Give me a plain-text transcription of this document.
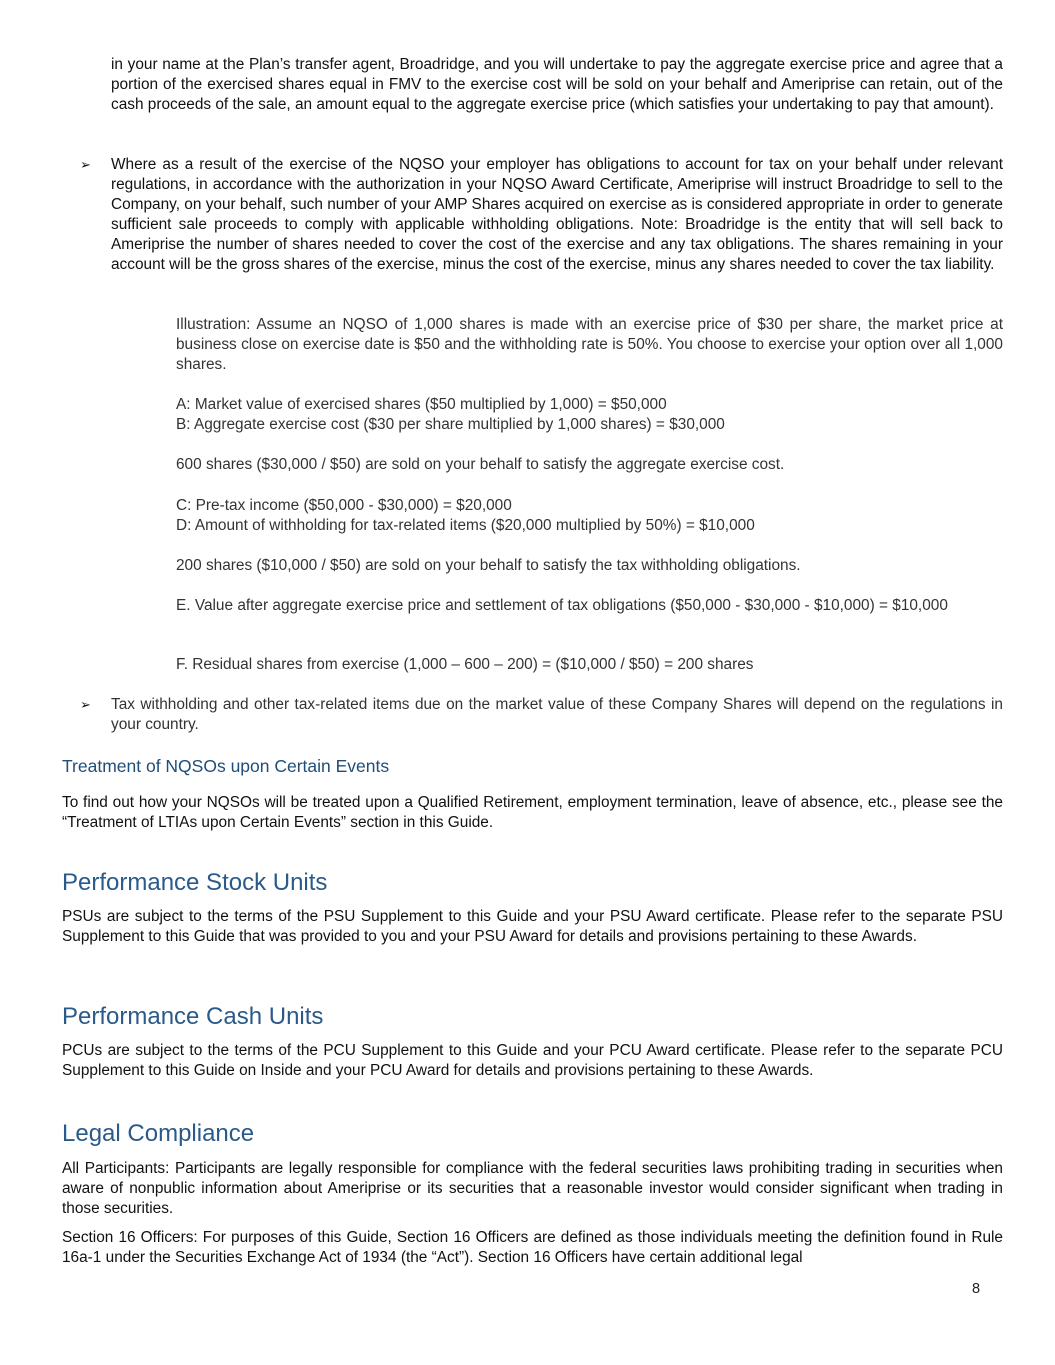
in your name at the Plan’s transfer agent, Broadridge, and you will undertake to pay the aggregate exercise price and agree that a portion of the exercised shares equal in FMV to the exercise cost will be sold on your behalf and Ameriprise can retain, out of the cash proceeds of the sale, an amount equal to the aggregate exercise price (which satisfies your undertaking to pay that amount).

➢	Where as a result of the exercise of the NQSO your employer has obligations to account for tax on your behalf under relevant regulations, in accordance with the authorization in your NQSO Award Certificate, Ameriprise will instruct Broadridge to sell to the Company, on your behalf, such number of your AMP Shares acquired on exercise as is considered appropriate in order to generate sufficient sale proceeds to comply with applicable withholding obligations. Note: Broadridge is the entity that will sell back to Ameriprise the number of shares needed to cover the cost of the exercise and any tax obligations. The shares remaining in your account will be the gross shares of the exercise, minus the cost of the exercise, minus any shares needed to cover the tax liability.

Illustration: Assume an NQSO of 1,000 shares is made with an exercise price of $30 per share, the market price at business close on exercise date is $50 and the withholding rate is 50%. You choose to exercise your option over all 1,000 shares.

A: Market value of exercised shares ($50 multiplied by 1,000) = $50,000

B: Aggregate exercise cost ($30 per share multiplied by 1,000 shares) = $30,000

600 shares ($30,000 / $50) are sold on your behalf to satisfy the aggregate exercise cost.

C: Pre-tax income ($50,000 - $30,000) = $20,000

D: Amount of withholding for tax-related items ($20,000 multiplied by 50%) = $10,000

200 shares ($10,000 / $50) are sold on your behalf to satisfy the tax withholding obligations.

E. Value after aggregate exercise price and settlement of tax obligations ($50,000 - $30,000 - $10,000) = $10,000

F. Residual shares from exercise (1,000 – 600 – 200) = ($10,000 / $50) = 200 shares

➢	Tax withholding and other tax-related items due on the market value of these Company Shares will depend on the regulations in your country.

Treatment of NQSOs upon Certain Events

To find out how your NQSOs will be treated upon a Qualified Retirement, employment termination, leave of absence, etc., please see the “Treatment of LTIAs upon Certain Events” section in this Guide.

Performance Stock Units

PSUs are subject to the terms of the PSU Supplement to this Guide and your PSU Award certificate. Please refer to the separate PSU Supplement to this Guide that was provided to you and your PSU Award for details and provisions pertaining to these Awards.

Performance Cash Units

PCUs are subject to the terms of the PCU Supplement to this Guide and your PCU Award certificate. Please refer to the separate PCU Supplement to this Guide on Inside and your PCU Award for details and provisions pertaining to these Awards.

Legal Compliance

All Participants: Participants are legally responsible for compliance with the federal securities laws prohibiting trading in securities when aware of nonpublic information about Ameriprise or its securities that a reasonable investor would consider significant when trading in those securities.

Section 16 Officers: For purposes of this Guide, Section 16 Officers are defined as those individuals meeting the definition found in Rule 16a-1 under the Securities Exchange Act of 1934 (the “Act”). Section 16 Officers have certain additional legal

8
